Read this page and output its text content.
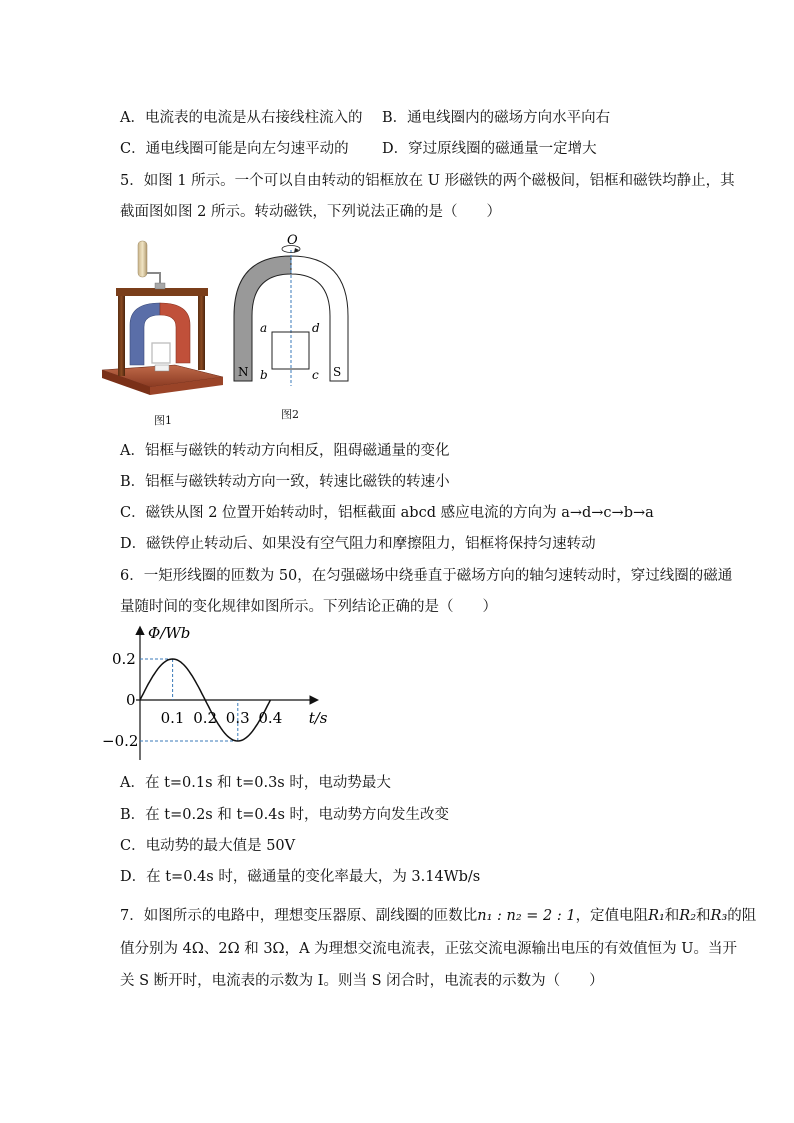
A．电流表的电流是从右接线柱流入的 B．通电线圈内的磁场方向水平向右
C．通电线圈可能是向左匀速平动的 D．穿过原线圈的磁通量一定增大
5．如图 1 所示。一个可以自由转动的铝框放在 U 形磁铁的两个磁极间，铝框和磁铁均静止，其
截面图如图 2 所示。转动磁铁，下列说法正确的是（　　）
图1
O
a
b	c
d
N	S
图2
A．铝框与磁铁的转动方向相反，阻碍磁通量的变化
B．铝框与磁铁转动方向一致，转速比磁铁的转速小
C．磁铁从图 2 位置开始转动时，铝框截面 abcd 感应电流的方向为 a→d→c→b→a
D．磁铁停止转动后、如果没有空气阻力和摩擦阻力，铝框将保持匀速转动
6．一矩形线圈的匝数为 50，在匀强磁场中绕垂直于磁场方向的轴匀速转动时，穿过线圈的磁通
量随时间的变化规律如图所示。下列结论正确的是（　　）
Φ/Wb
t/s
0.2
0
−0.2
0.1 0.2 0.3 0.4
A．在 t=0.1s 和 t=0.3s 时，电动势最大
B．在 t=0.2s 和 t=0.4s 时，电动势方向发生改变
C．电动势的最大值是 50V
D．在 t=0.4s 时，磁通量的变化率最大，为 3.14Wb/s
7．如图所示的电路中，理想变压器原、副线圈的匝数比n₁ : n₂ = 2 : 1，定值电阻R₁和R₂和R₃的阻
值分别为 4Ω、2Ω 和 3Ω，A 为理想交流电流表，正弦交流电源输出电压的有效值恒为 U。当开
关 S 断开时，电流表的示数为 I。则当 S 闭合时，电流表的示数为（　　）
